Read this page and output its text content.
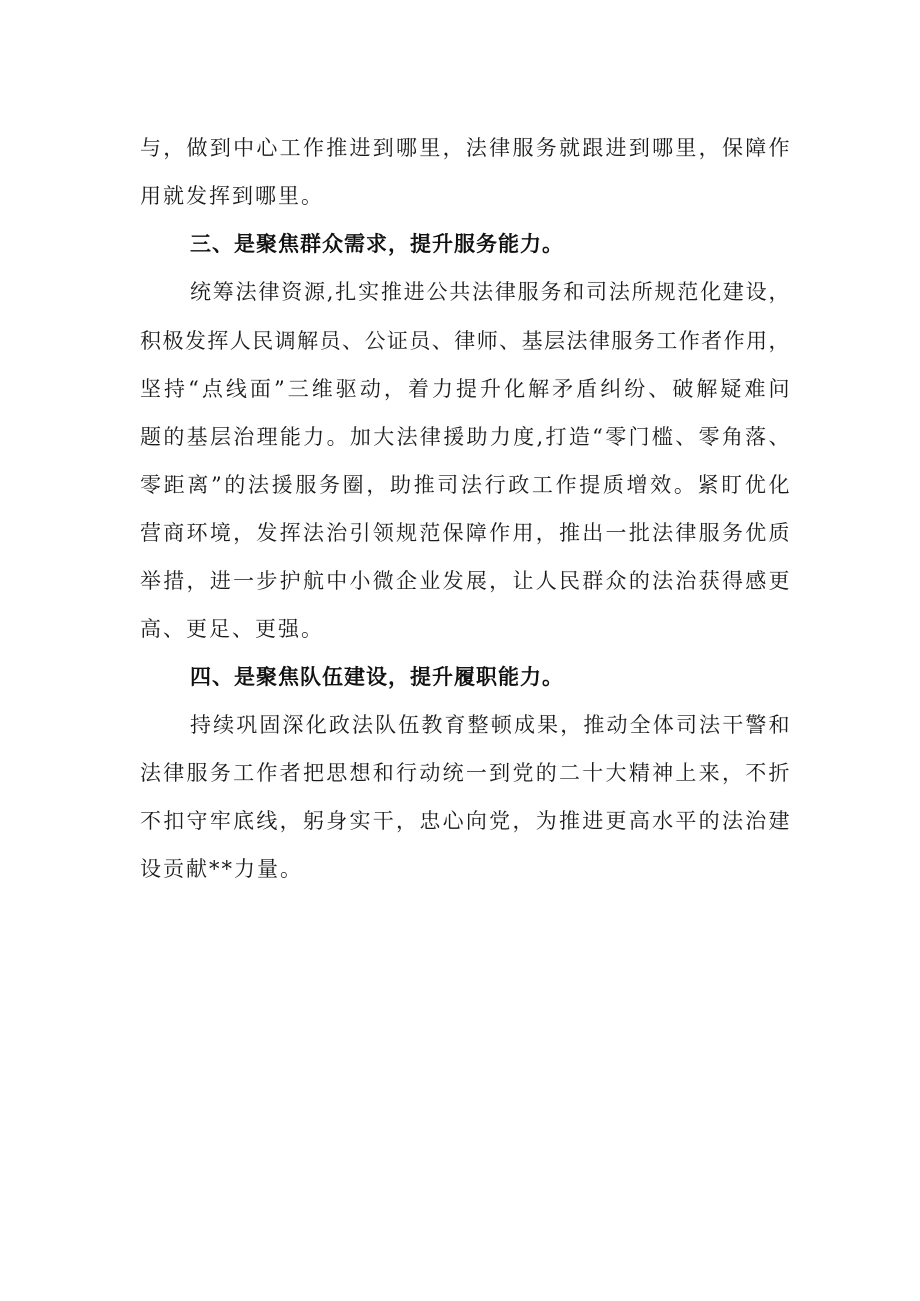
与，做到中心工作推进到哪里，法律服务就跟进到哪里，保障作
用就发挥到哪里。
三、是聚焦群众需求，提升服务能力。
统筹法律资源,扎实推进公共法律服务和司法所规范化建设，
积极发挥人民调解员、公证员、律师、基层法律服务工作者作用，
坚持“点线面”三维驱动，着力提升化解矛盾纠纷、破解疑难问
题的基层治理能力。加大法律援助力度,打造“零门槛、零角落、
零距离”的法援服务圈，助推司法行政工作提质增效。紧盯优化
营商环境，发挥法治引领规范保障作用，推出一批法律服务优质
举措，进一步护航中小微企业发展，让人民群众的法治获得感更
高、更足、更强。
四、是聚焦队伍建设，提升履职能力。
持续巩固深化政法队伍教育整顿成果，推动全体司法干警和
法律服务工作者把思想和行动统一到党的二十大精神上来，不折
不扣守牢底线，躬身实干，忠心向党，为推进更高水平的法治建
设贡献**力量。
